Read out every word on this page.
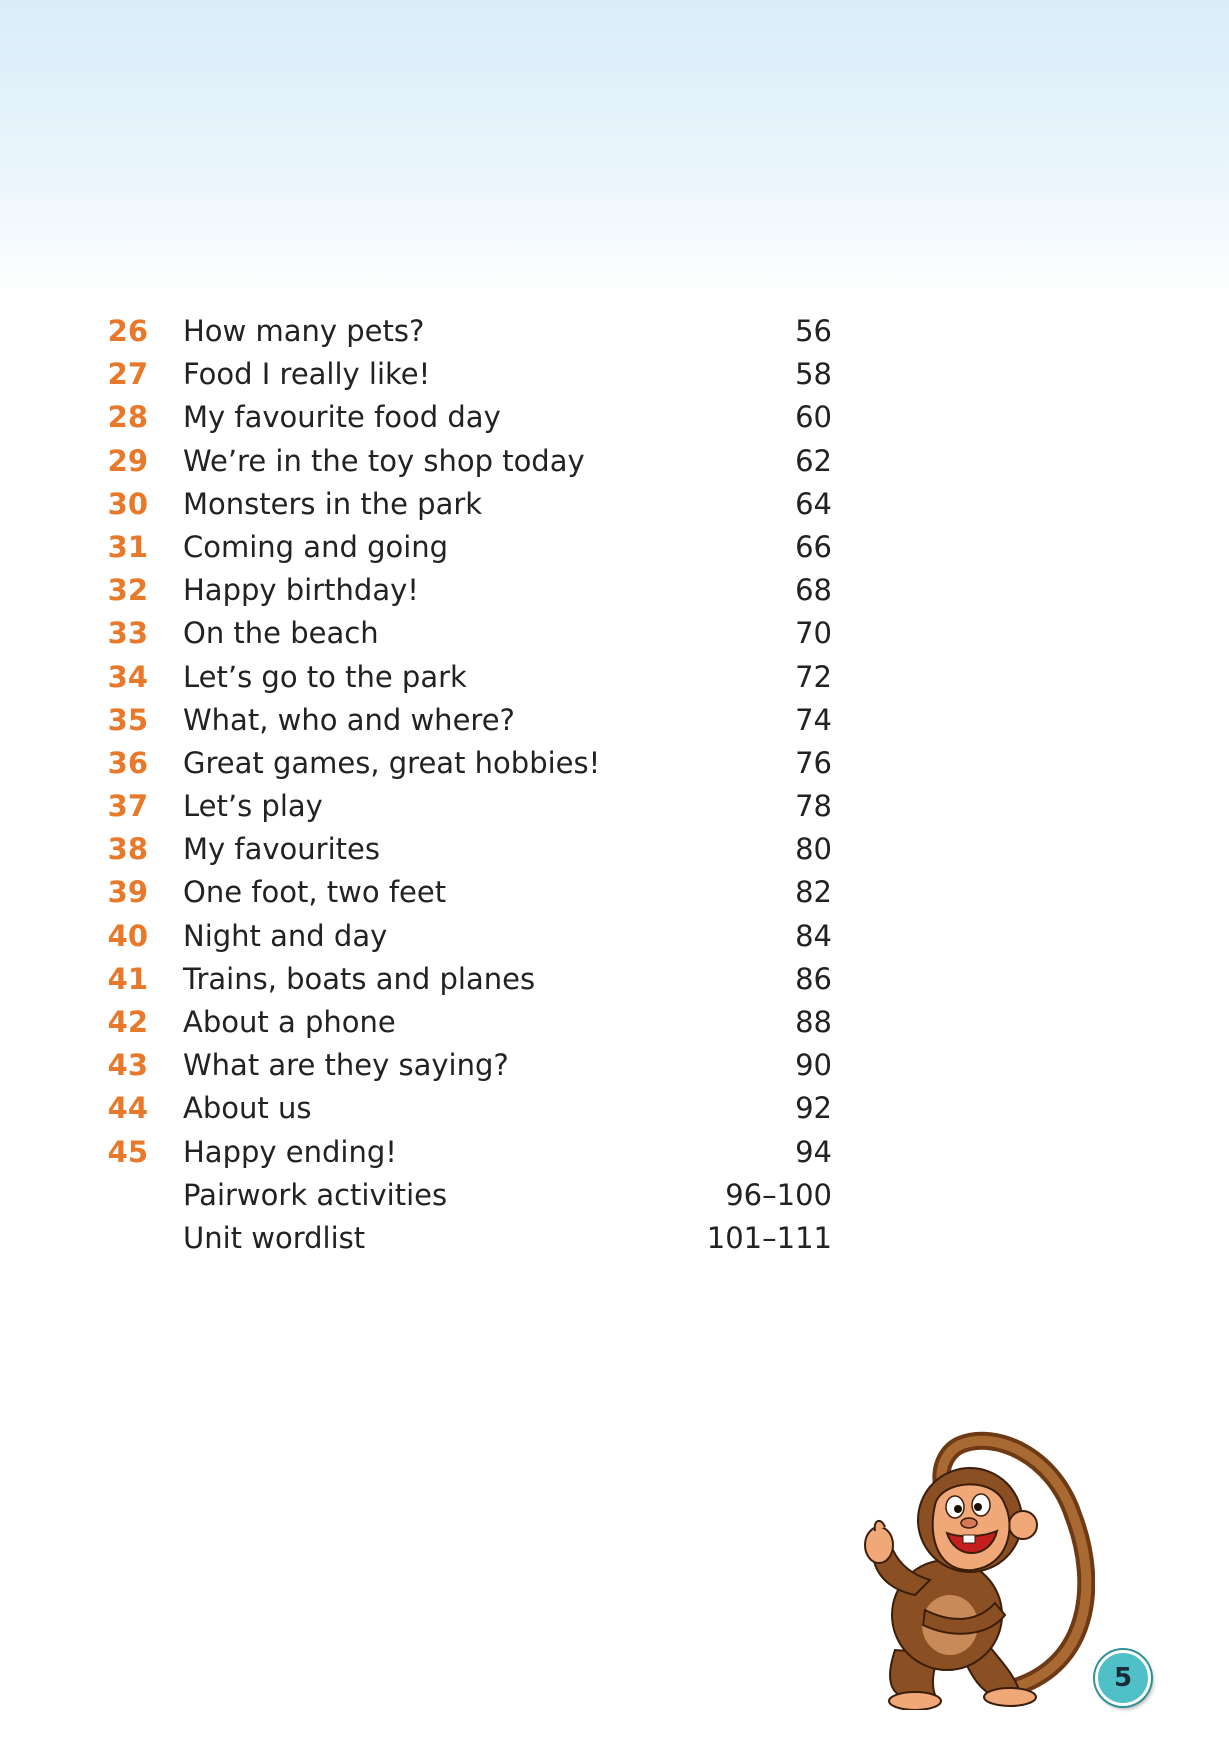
26 How many pets?	56
27 Food I really like!	58
28 My favourite food day	60
29 We’re in the toy shop today	62
30 Monsters in the park	64
31 Coming and going	66
32 Happy birthday!	68
33 On the beach	70
34 Let’s go to the park	72
35 What, who and where?	74
36 Great games, great hobbies!	76
37 Let’s play	78
38 My favourites	80
39 One foot, two feet	82
40 Night and day	84
41 Trains, boats and planes	86
42 About a phone	88
43 What are they saying?	90
44 About us	92
45 Happy ending!	94
Pairwork activities	96–100
Unit wordlist	101–111
5
